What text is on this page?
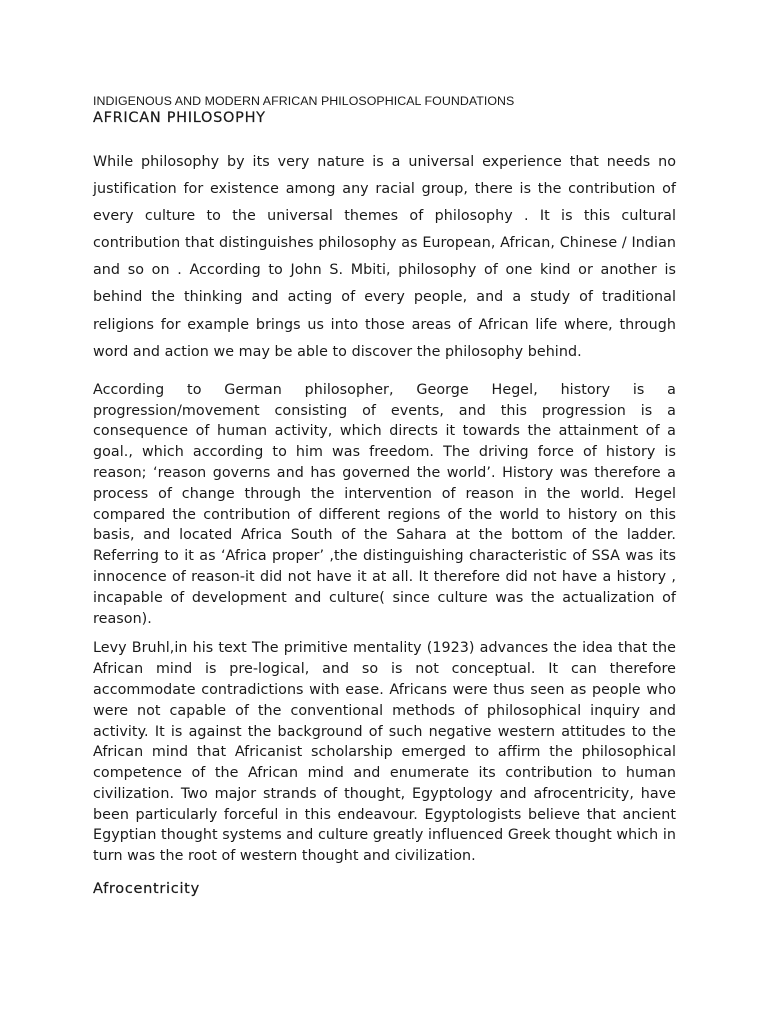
INDIGENOUS AND MODERN AFRICAN PHILOSOPHICAL FOUNDATIONS

AFRICAN PHILOSOPHY

While philosophy by its very nature is a universal experience that needs no justification for existence among any racial group, there is the contribution of every culture to the universal themes of philosophy . It is this cultural contribution that distinguishes philosophy as European, African, Chinese / Indian and so on . According to John S. Mbiti, philosophy of one kind or another is behind the thinking and acting of every people, and a study of traditional religions for example brings us into those areas of African life where, through word and action we may be able to discover the philosophy behind.

According to German philosopher, George Hegel, history is a progression/movement consisting of events, and this progression is a consequence of human activity, which directs it towards the attainment of a goal., which according to him was freedom. The driving force of history is reason; ‘reason governs and has governed the world’. History was therefore a process of change through the intervention of reason in the world. Hegel compared the contribution of different regions of the world to history on this basis, and located Africa South of the Sahara at the bottom of the ladder. Referring to it as ‘Africa proper’ ,the distinguishing characteristic of SSA was its innocence of reason-it did not have it at all. It therefore did not have a history , incapable of development and culture( since culture was the actualization of reason).

Levy Bruhl,in his text The primitive mentality (1923) advances the idea that the African mind is pre-logical, and so is not conceptual. It can therefore accommodate contradictions with ease. Africans were thus seen as people who were not capable of the conventional methods of philosophical inquiry and activity. It is against the background of such negative western attitudes to the African mind that Africanist scholarship emerged to affirm the philosophical competence of the African mind and enumerate its contribution to human civilization. Two major strands of thought, Egyptology and afrocentricity, have been particularly forceful in this endeavour. Egyptologists believe that ancient Egyptian thought systems and culture greatly influenced Greek thought which in turn was the root of western thought and civilization.

Afrocentricity
